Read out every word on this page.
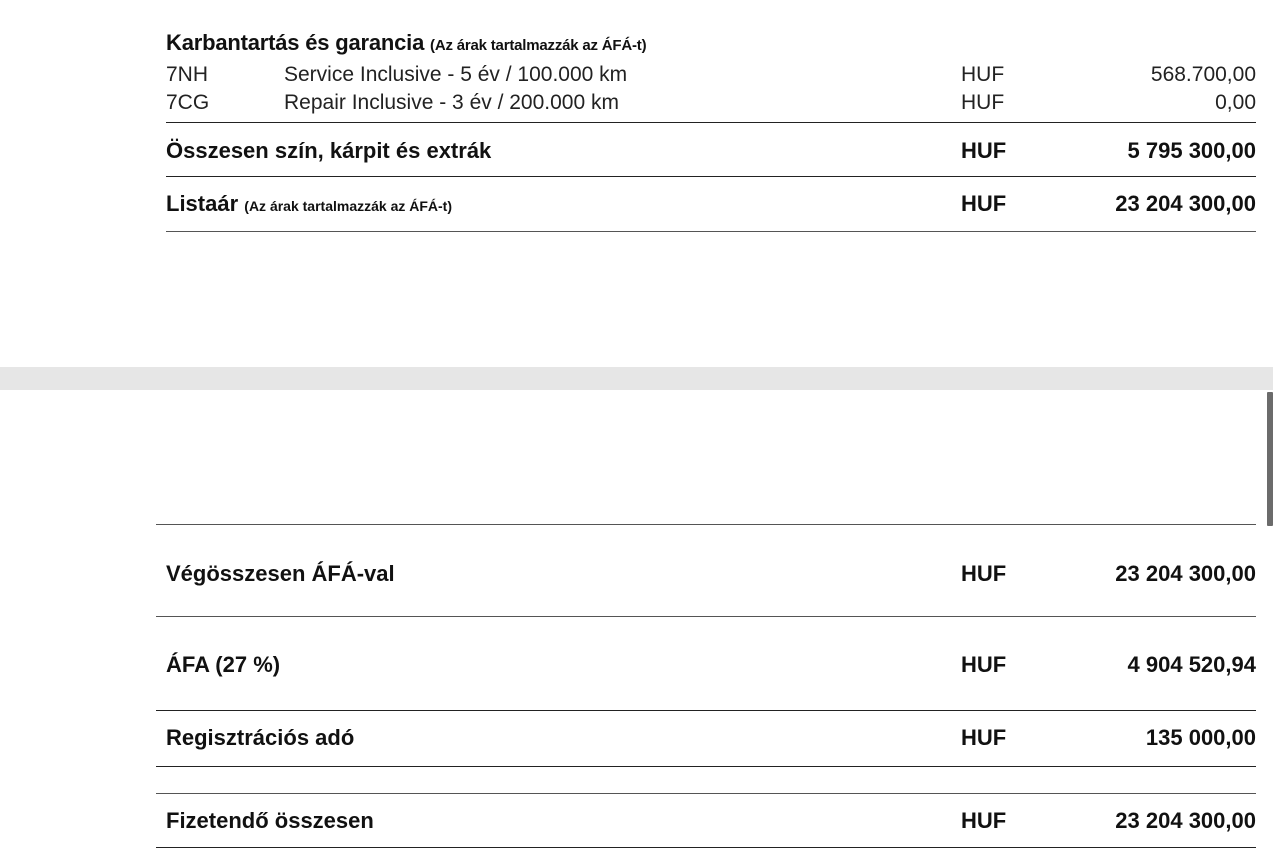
Karbantartás és garancia (Az árak tartalmazzák az ÁFÁ-t)
7NH	Service Inclusive - 5 év / 100.000 km	HUF	568.700,00
7CG	Repair Inclusive - 3 év / 200.000 km	HUF	0,00
Összesen szín, kárpit és extrák	HUF	5 795 300,00
Listaár (Az árak tartalmazzák az ÁFÁ-t)	HUF	23 204 300,00
Végösszesen ÁFÁ-val	HUF	23 204 300,00
ÁFA (27 %)	HUF	4 904 520,94
Regisztrációs adó	HUF	135 000,00
Fizetendő összesen	HUF	23 204 300,00
